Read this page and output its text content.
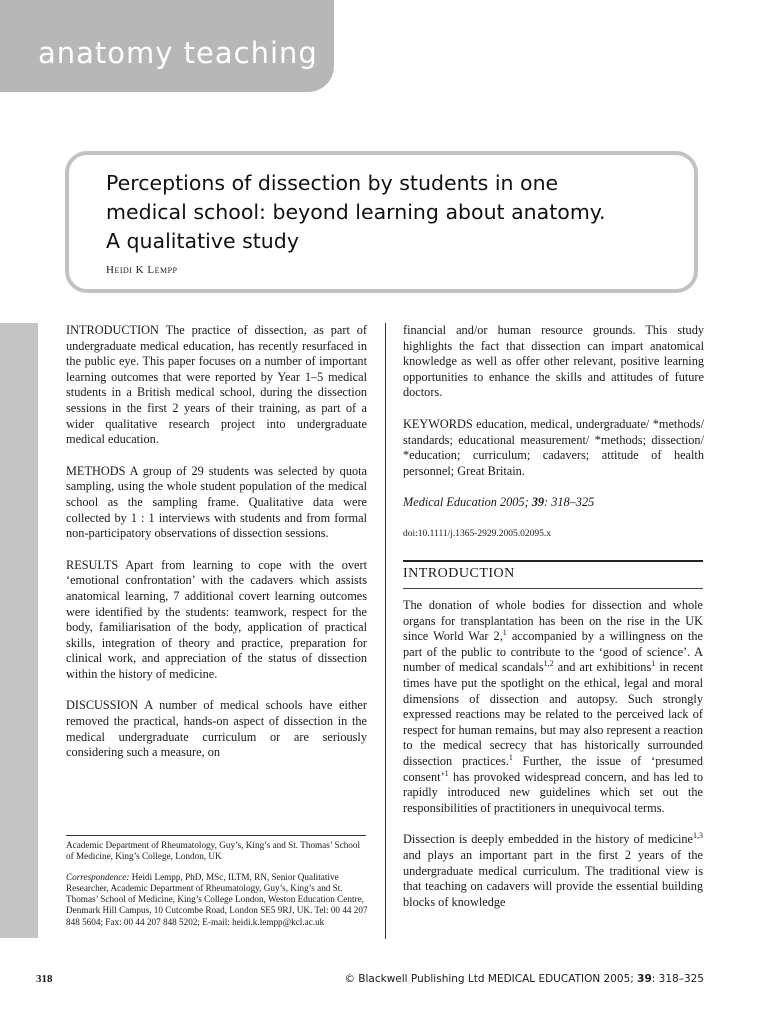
anatomy teaching
Perceptions of dissection by students in one
medical school: beyond learning about anatomy.
A qualitative study
Heidi K Lempp

INTRODUCTION The practice of dissection, as part of undergraduate medical education, has recently resurfaced in the public eye. This paper focuses on a number of important learning outcomes that were reported by Year 1–5 medical students in a British medical school, during the dissection sessions in the first 2 years of their training, as part of a wider qualitative research project into undergraduate medical education.

METHODS A group of 29 students was selected by quota sampling, using the whole student population of the medical school as the sampling frame. Qualitative data were collected by 1 : 1 interviews with students and from formal non-participatory observations of dissection sessions.

RESULTS Apart from learning to cope with the overt ‘emotional confrontation’ with the cadavers which assists anatomical learning, 7 additional covert learning outcomes were identified by the students: teamwork, respect for the body, familiarisation of the body, application of practical skills, integration of theory and practice, preparation for clinical work, and appreciation of the status of dissection within the history of medicine.

DISCUSSION A number of medical schools have either removed the practical, hands-on aspect of dissection in the medical undergraduate curriculum or are seriously considering such a measure, on

financial and/or human resource grounds. This study highlights the fact that dissection can impart anatomical knowledge as well as offer other relevant, positive learning opportunities to enhance the skills and attitudes of future doctors.

KEYWORDS education, medical, undergraduate/ *methods/ standards; educational measurement/ *methods; dissection/ *education; curriculum; cadavers; attitude of health personnel; Great Britain.

Medical Education 2005; 39: 318–325

doi:10.1111/j.1365-2929.2005.02095.x

INTRODUCTION

The donation of whole bodies for dissection and whole organs for transplantation has been on the rise in the UK since World War 2,$^1$ accompanied by a willingness on the part of the public to contribute to the ‘good of science’. A number of medical scandals$^{1,2}$ and art exhibitions$^1$ in recent times have put the spotlight on the ethical, legal and moral dimensions of dissection and autopsy. Such strongly expressed reactions may be related to the perceived lack of respect for human remains, but may also represent a reaction to the medical secrecy that has historically surrounded dissection practices.$^1$ Further, the issue of ‘presumed consent’$^1$ has provoked widespread concern, and has led to rapidly introduced new guidelines which set out the responsibilities of practitioners in unequivocal terms.

Dissection is deeply embedded in the history of medicine$^{1,3}$ and plays an important part in the first 2 years of the undergraduate medical curriculum. The traditional view is that teaching on cadavers will provide the essential building blocks of knowledge

Academic Department of Rheumatology, Guy’s, King’s and St. Thomas’ School of Medicine, King’s College, London, UK

Correspondence: Heidi Lempp, PhD, MSc, ILTM, RN, Senior Qualitative Researcher, Academic Department of Rheumatology, Guy’s, King’s and St. Thomas’ School of Medicine, King’s College London, Weston Education Centre, Denmark Hill Campus, 10 Cutcombe Road, London SE5 9RJ, UK. Tel: 00 44 207 848 5604; Fax: 00 44 207 848 5202; E-mail: heidi.k.lempp@kcl.ac.uk

318	© Blackwell Publishing Ltd MEDICAL EDUCATION 2005; 39: 318–325
